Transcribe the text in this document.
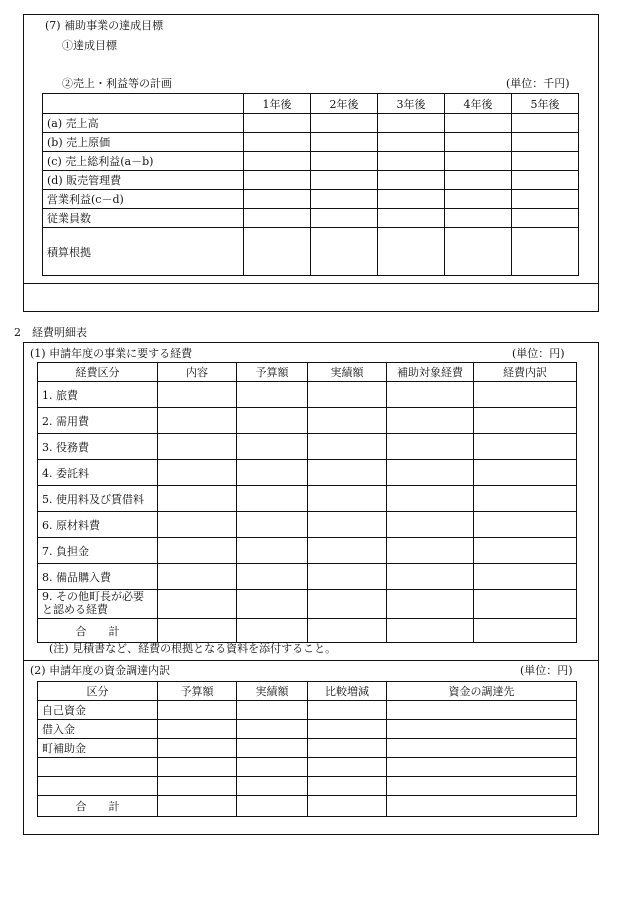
(7) 補助事業の達成目標
①達成目標
②売上・利益等の計画	(単位：千円)
	1年後	2年後	3年後	4年後	5年後
(a) 売上高					
(b) 売上原価					
(c) 売上総利益(a－b)					
(d) 販売管理費					
営業利益(c－d)					
従業員数					
積算根拠					
2　経費明細表
(1) 申請年度の事業に要する経費	(単位：円)
経費区分	内容	予算額	実績額	補助対象経費	経費内訳
1. 旅費					
2. 需用費					
3. 役務費					
4. 委託料					
5. 使用料及び賃借料					
6. 原材料費					
7. 負担金					
8. 備品購入費					
9. その他町長が必要と認める経費					
合　　計					
(注) 見積書など、経費の根拠となる資料を添付すること。
(2) 申請年度の資金調達内訳	(単位：円)
区分	予算額	実績額	比較増減	資金の調達先
自己資金				
借入金				
町補助金				

合　　計				
